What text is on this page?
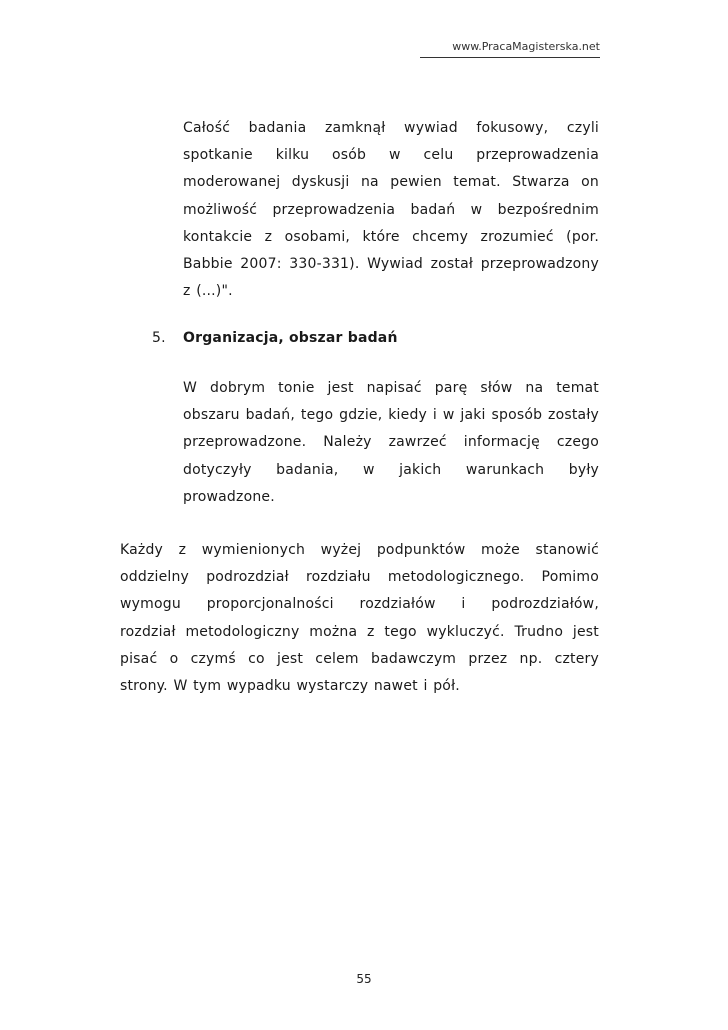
www.PracaMagisterska.net
Całość badania zamknął wywiad fokusowy, czyli
spotkanie kilku osób w celu przeprowadzenia
moderowanej dyskusji na pewien temat. Stwarza on
możliwość przeprowadzenia badań w bezpośrednim
kontakcie z osobami, które chcemy zrozumieć (por.
Babbie 2007: 330-331). Wywiad został przeprowadzony
z (...)".
5. Organizacja, obszar badań
W dobrym tonie jest napisać parę słów na temat
obszaru badań, tego gdzie, kiedy i w jaki sposób zostały
przeprowadzone. Należy zawrzeć informację czego
dotyczyły badania, w jakich warunkach były
prowadzone.
Każdy z wymienionych wyżej podpunktów może stanowić
oddzielny podrozdział rozdziału metodologicznego. Pomimo
wymogu proporcjonalności rozdziałów i podrozdziałów,
rozdział metodologiczny można z tego wykluczyć. Trudno jest
pisać o czymś co jest celem badawczym przez np. cztery
strony. W tym wypadku wystarczy nawet i pół.
55
